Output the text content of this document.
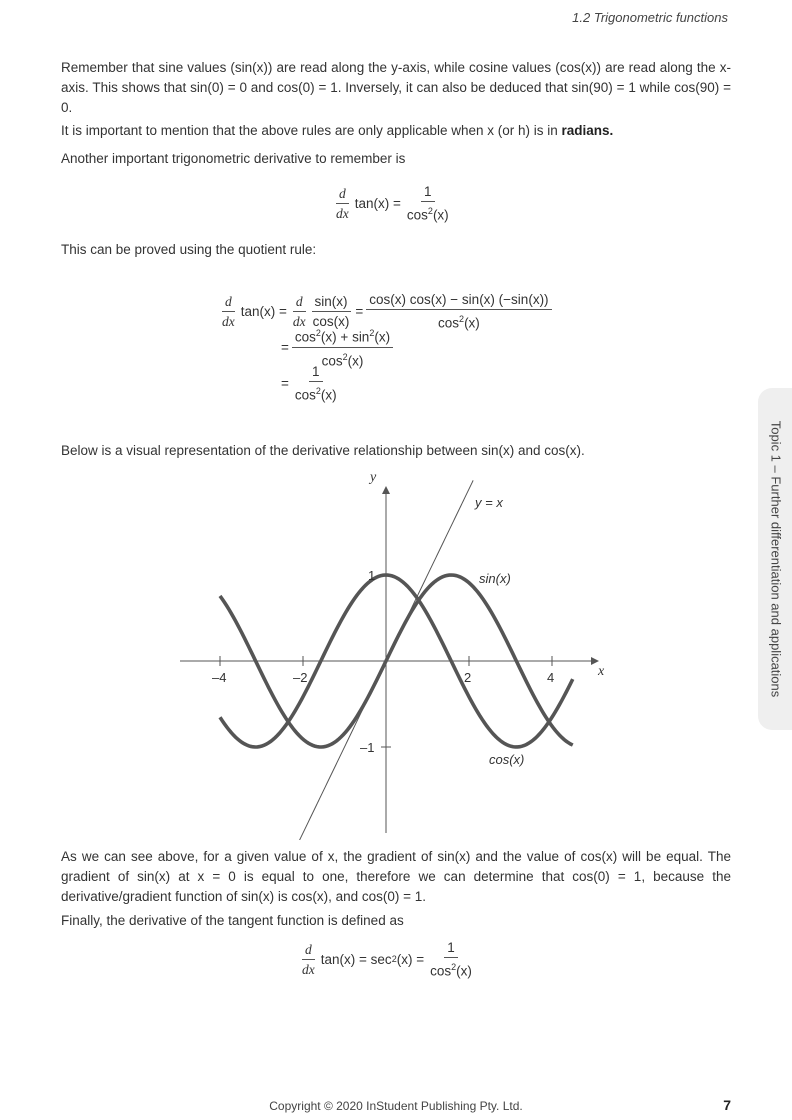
1.2 Trigonometric functions
Remember that sine values (sin(x)) are read along the y-axis, while cosine values (cos(x)) are read along the x-axis. This shows that sin(0) = 0 and cos(0) = 1. Inversely, it can also be deduced that sin(90) = 1 while cos(90) = 0.
It is important to mention that the above rules are only applicable when x (or h) is in radians.
Another important trigonometric derivative to remember is
$\frac{d}{dx} \tan(x) = \frac{1}{\cos^2(x)}$
This can be proved using the quotient rule:
$\frac{d}{dx} \tan(x) = \frac{d}{dx} \frac{\sin(x)}{\cos(x)} = \frac{\cos(x) \cos(x) - \sin(x) (-\sin(x))}{\cos^2(x)}$
= $\frac{\cos^2(x) + \sin^2(x)}{\cos^2(x)}$
= $\frac{1}{\cos^2(x)}$
Below is a visual representation of the derivative relationship between sin(x) and cos(x).
y
x
y = x
sin(x)
cos(x)
–4	–2	2	4
1
–1
As we can see above, for a given value of x, the gradient of sin(x) and the value of cos(x) will be equal. The gradient of sin(x) at x = 0 is equal to one, therefore we can determine that cos(0) = 1, because the derivative/gradient function of sin(x) is cos(x), and cos(0) = 1.
Finally, the derivative of the tangent function is defined as
$\frac{d}{dx} \tan(x)$ =
sec 2 (x)
= $\frac{1}{\cos^2(x)}$
Topic 1 – Further differentiation and applications
Copyright © 2020 InStudent Publishing Pty. Ltd.	7
